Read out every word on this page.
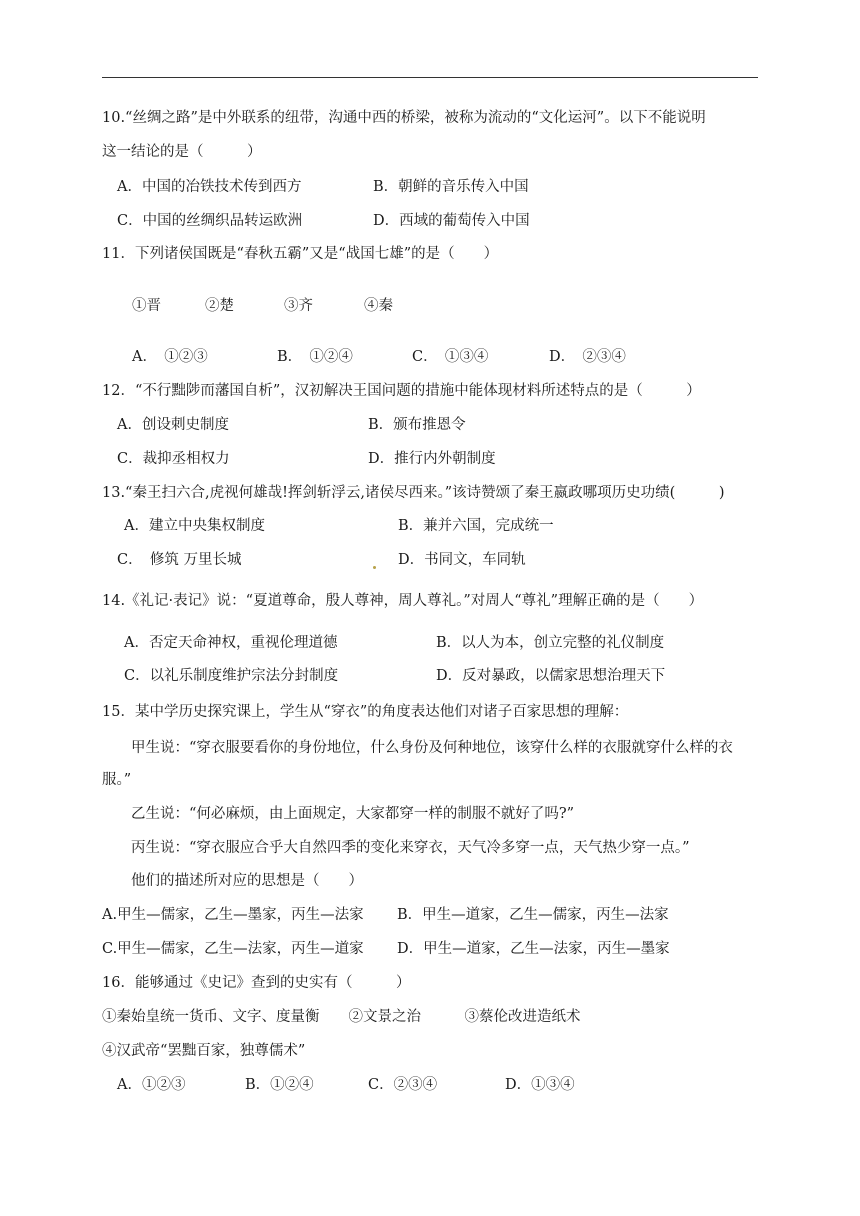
10.“丝绸之路”是中外联系的纽带，沟通中西的桥梁，被称为流动的“文化运河”。以下不能说明
这一结论的是（　　　）
A．中国的冶铁技术传到西方	B．朝鲜的音乐传入中国
C．中国的丝绸织品转运欧洲	D．西域的葡萄传入中国
11．下列诸侯国既是“春秋五霸”又是“战国七雄”的是（　　）
①晋	②楚	③齐	④秦
A．　①②③	B．　①②④	C．　①③④	D．　②③④
12．“不行黜陟而藩国自析”，汉初解决王国问题的措施中能体现材料所述特点的是（　　　）
A．创设刺史制度	B．颁布推恩令
C．裁抑丞相权力	D．推行内外朝制度
13.“秦王扫六合,虎视何雄哉!挥剑斩浮云,诸侯尽西来。”该诗赞颂了秦王嬴政哪项历史功绩(　　　)
A．建立中央集权制度	B．兼并六国，完成统一
C．　修筑 万里长城	D．书同文，车同轨
14.《礼记·表记》说：“夏道尊命，殷人尊神，周人尊礼。”对周人“尊礼”理解正确的是（　　）
A．否定天命神权，重视伦理道德	B．以人为本，创立完整的礼仪制度
C．以礼乐制度维护宗法分封制度	D．反对暴政，以儒家思想治理天下
15．某中学历史探究课上，学生从“穿衣”的角度表达他们对诸子百家思想的理解：
甲生说：“穿衣服要看你的身份地位，什么身份及何种地位，该穿什么样的衣服就穿什么样的衣
服。”
乙生说：“何必麻烦，由上面规定，大家都穿一样的制服不就好了吗?”
丙生说：“穿衣服应合乎大自然四季的变化来穿衣，天气冷多穿一点，天气热少穿一点。”
他们的描述所对应的思想是（　　）
A.甲生—儒家，乙生—墨家，丙生—法家 B．甲生—道家，乙生—儒家，丙生—法家
C.甲生—儒家，乙生—法家，丙生—道家 D．甲生—道家，乙生—法家，丙生—墨家
16．能够通过《史记》查到的史实有（　　　）
①秦始皇统一货币、文字、度量衡　　②文景之治　　　③蔡伦改进造纸术
④汉武帝“罢黜百家，独尊儒术”
A．①②③	B．①②④	C．②③④	D．①③④
